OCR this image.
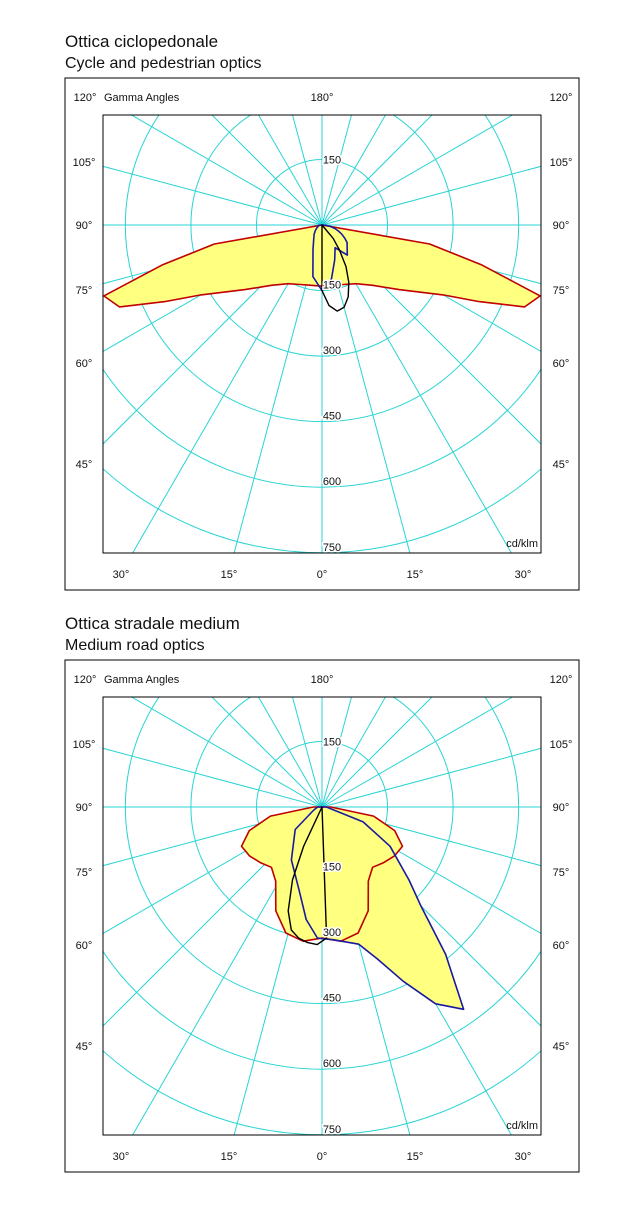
Ottica ciclopedonale
Cycle and pedestrian optics
150
150
300
450
600
750
120° Gamma Angles	180°	120°
105°	105°
90°	90°
75°	75°
60°	60°
45°	45°
cd/klm
30°	15°	0°	15°	30°
Ottica stradale medium
Medium road optics
150
150
300
450
600
750
120° Gamma Angles	180°	120°
105°	105°
90°	90°
75°	75°
60°	60°
45°	45°
cd/klm
30°	15°	0°	15°	30°
